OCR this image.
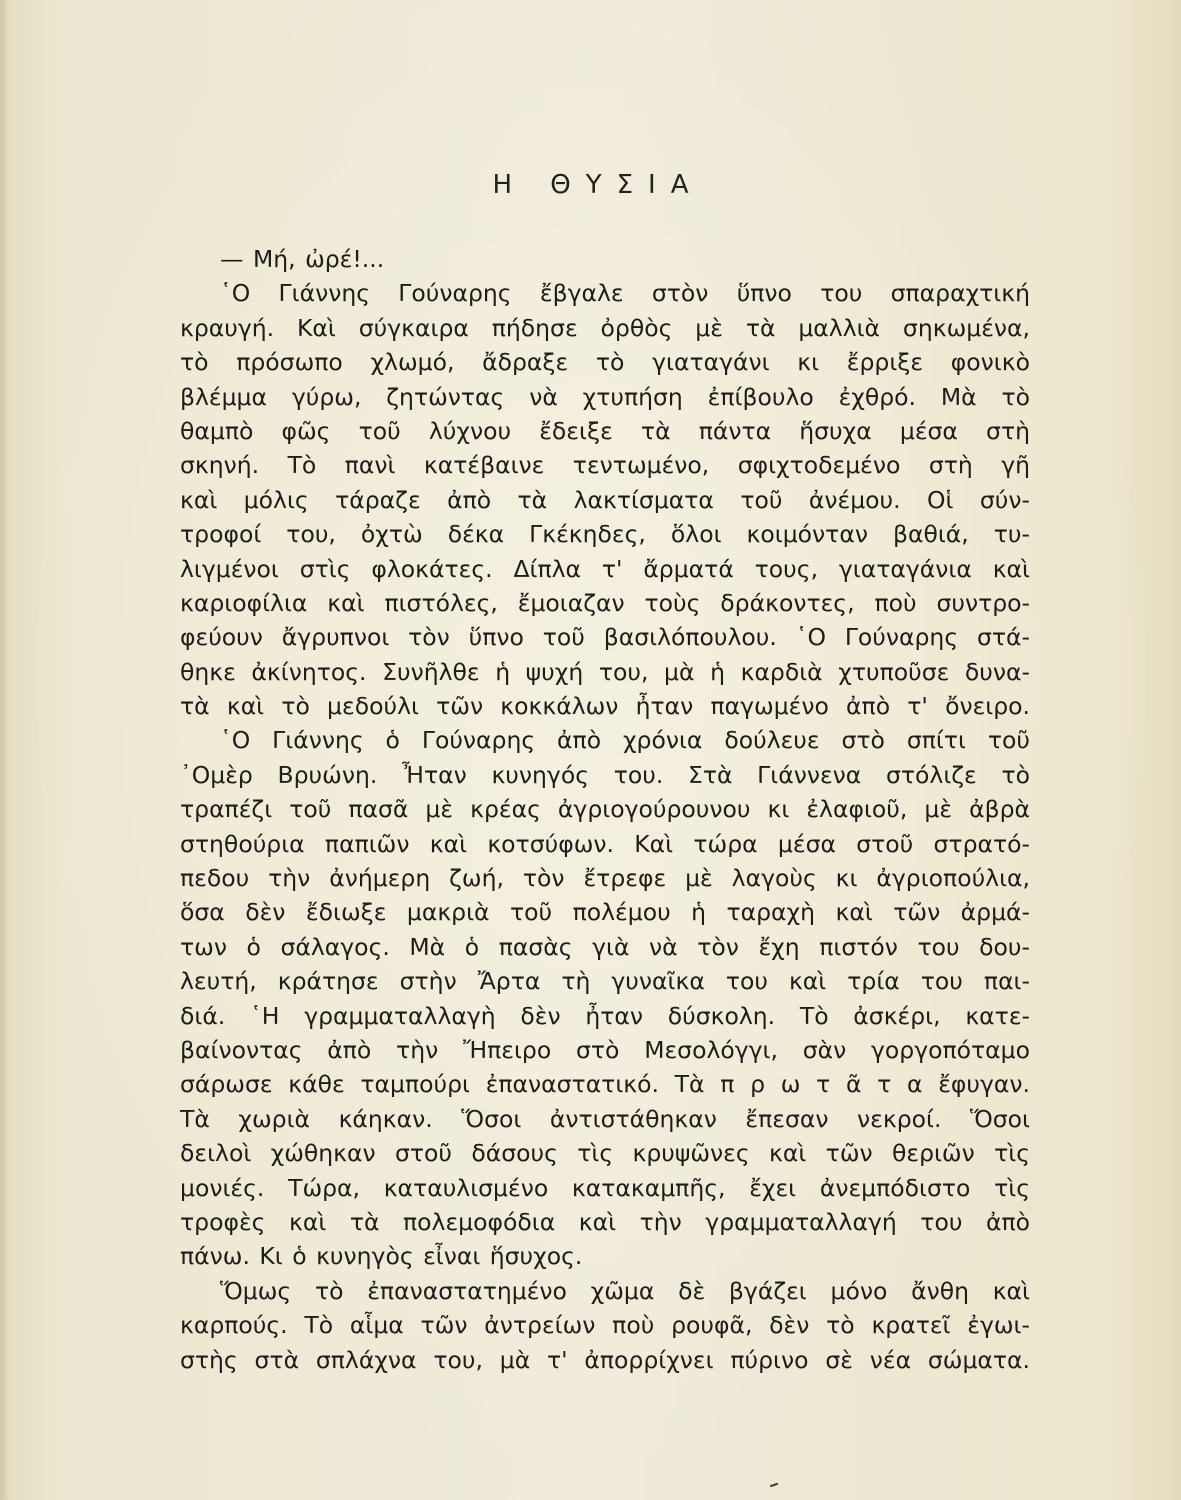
Η ΘΥΣΙΑ
— Μή, ὠρέ!...
῾Ο Γιάννης Γούναρης ἔβγαλε στὸν ὕπνο του σπαραχτική
κραυγή. Καὶ σύγκαιρα πήδησε ὀρθὸς μὲ τὰ μαλλιὰ σηκωμένα,
τὸ πρόσωπο χλωμό, ἄδραξε τὸ γιαταγάνι κι ἔρριξε φονικὸ
βλέμμα γύρω, ζητώντας νὰ χτυπήση ἐπίβουλο ἐχθρό. Μὰ τὸ
θαμπὸ φῶς τοῦ λύχνου ἔδειξε τὰ πάντα ἥσυχα μέσα στὴ
σκηνή. Τὸ πανὶ κατέβαινε τεντωμένο, σφιχτοδεμένο στὴ γῆ
καὶ μόλις τάραζε ἀπὸ τὰ λακτίσματα τοῦ ἀνέμου. Οἱ σύν-
τροφοί του, ὀχτὼ δέκα Γκέκηδες, ὅλοι κοιμόνταν βαθιά, τυ-
λιγμένοι στὶς φλοκάτες. Δίπλα τ' ἄρματά τους, γιαταγάνια καὶ
καριοφίλια καὶ πιστόλες, ἔμοιαζαν τοὺς δράκοντες, ποὺ συντρο-
φεύουν ἄγρυπνοι τὸν ὕπνο τοῦ βασιλόπουλου. ῾Ο Γούναρης στά-
θηκε ἀκίνητος. Συνῆλθε ἡ ψυχή του, μὰ ἡ καρδιὰ χτυποῦσε δυνα-
τὰ καὶ τὸ μεδούλι τῶν κοκκάλων ἦταν παγωμένο ἀπὸ τ' ὄνειρο.
῾Ο Γιάννης ὁ Γούναρης ἀπὸ χρόνια δούλευε στὸ σπίτι τοῦ
᾿Ομὲρ Βρυώνη. Ἦταν κυνηγός του. Στὰ Γιάννενα στόλιζε τὸ
τραπέζι τοῦ πασᾶ μὲ κρέας ἀγριογούρουνου κι ἐλαφιοῦ, μὲ ἀβρὰ
στηθούρια παπιῶν καὶ κοτσύφων. Καὶ τώρα μέσα στοῦ στρατό-
πεδου τὴν ἀνήμερη ζωή, τὸν ἔτρεφε μὲ λαγοὺς κι ἀγριοπούλια,
ὅσα δὲν ἔδιωξε μακριὰ τοῦ πολέμου ἡ ταραχὴ καὶ τῶν ἀρμά-
των ὁ σάλαγος. Μὰ ὁ πασὰς γιὰ νὰ τὸν ἔχη πιστόν του δου-
λευτή, κράτησε στὴν Ἄρτα τὴ γυναῖκα του καὶ τρία του παι-
διά. ῾Η γραμματαλλαγὴ δὲν ἦταν δύσκολη. Τὸ ἀσκέρι, κατε-
βαίνοντας ἀπὸ τὴν Ἤπειρο στὸ Μεσολόγγι, σὰν γοργοπόταμο
σάρωσε κάθε ταμπούρι ἐπαναστατικό. Τὰ π ρ ω τ ᾶ τ α ἔφυγαν.
Τὰ χωριὰ κάηκαν. Ὅσοι ἀντιστάθηκαν ἔπεσαν νεκροί. Ὅσοι
δειλοὶ χώθηκαν στοῦ δάσους τὶς κρυψῶνες καὶ τῶν θεριῶν τὶς
μονιές. Τώρα, καταυλισμένο κατακαμπῆς, ἔχει ἀνεμπόδιστο τὶς
τροφὲς καὶ τὰ πολεμοφόδια καὶ τὴν γραμματαλλαγή του ἀπὸ
πάνω. Κι ὁ κυνηγὸς εἶναι ἥσυχος.
Ὅμως τὸ ἐπαναστατημένο χῶμα δὲ βγάζει μόνο ἄνθη καὶ
καρπούς. Τὸ αἷμα τῶν ἀντρείων ποὺ ρουφᾶ, δὲν τὸ κρατεῖ ἐγωι-
στὴς στὰ σπλάχνα του, μὰ τ' ἀπορρίχνει πύρινο σὲ νέα σώματα.
